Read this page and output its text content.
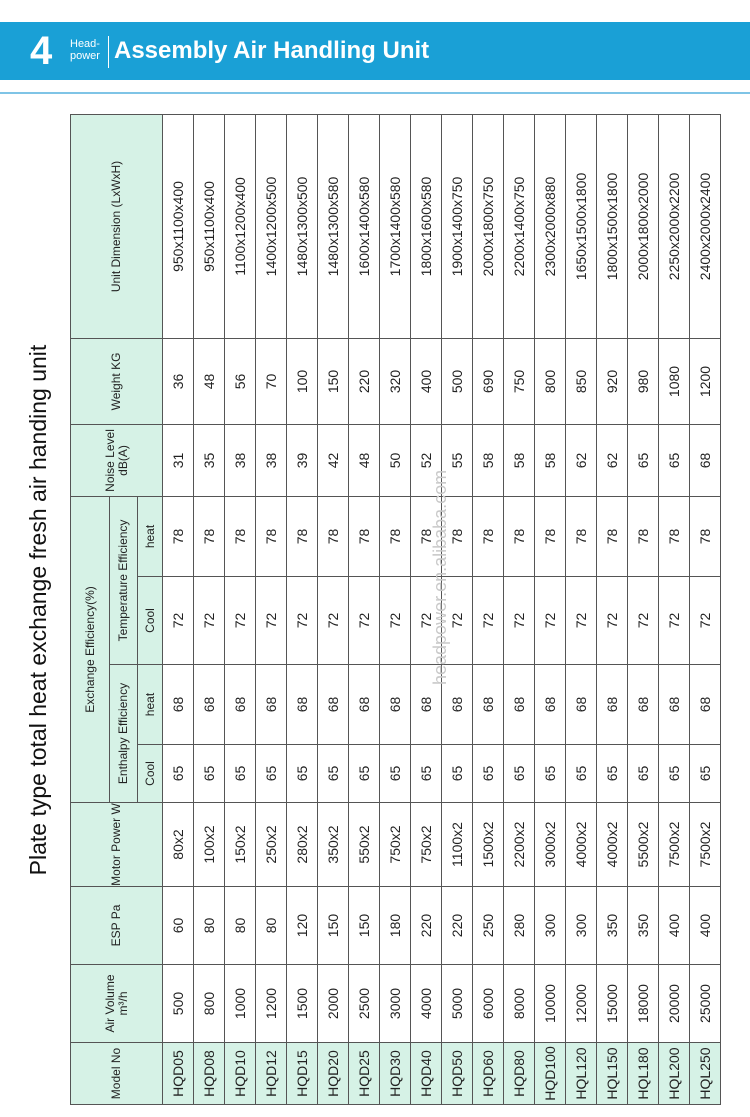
4 Head-
power Assembly Air Handling Unit
Plate type total heat exchange fresh air handing unit
Model No	Air Volume m³/h	ESP Pa	Motor Power W	Exchange Efficiency(%)				Noise Level dB(A)	Weight KG	Unit Dimension (LxWxH)
				Enthalpy Efficiency		Temperature Efficiency				
				Cool	heat	Cool	heat			
HQD05	500	60	80x2	65	68	72	78	31	36	950x1100x400
HQD08	800	80	100x2	65	68	72	78	35	48	950x1100x400
HQD10	1000	80	150x2	65	68	72	78	38	56	1100x1200x400
HQD12	1200	80	250x2	65	68	72	78	38	70	1400x1200x500
HQD15	1500	120	280x2	65	68	72	78	39	100	1480x1300x500
HQD20	2000	150	350x2	65	68	72	78	42	150	1480x1300x580
HQD25	2500	150	550x2	65	68	72	78	48	220	1600x1400x580
HQD30	3000	180	750x2	65	68	72	78	50	320	1700x1400x580
HQD40	4000	220	750x2	65	68	72	78	52	400	1800x1600x580
HQD50	5000	220	1100x2	65	68	72	78	55	500	1900x1400x750
HQD60	6000	250	1500x2	65	68	72	78	58	690	2000x1800x750
HQD80	8000	280	2200x2	65	68	72	78	58	750	2200x1400x750
HQD100	10000	300	3000x2	65	68	72	78	58	800	2300x2000x880
HQL120	12000	300	4000x2	65	68	72	78	62	850	1650x1500x1800
HQL150	15000	350	4000x2	65	68	72	78	62	920	1800x1500x1800
HQL180	18000	350	5500x2	65	68	72	78	65	980	2000x1800x2000
HQL200	20000	400	7500x2	65	68	72	78	65	1080	2250x2000x2200
HQL250	25000	400	7500x2	65	68	72	78	68	1200	2400x2000x2400
headpower.en.alibaba.com
